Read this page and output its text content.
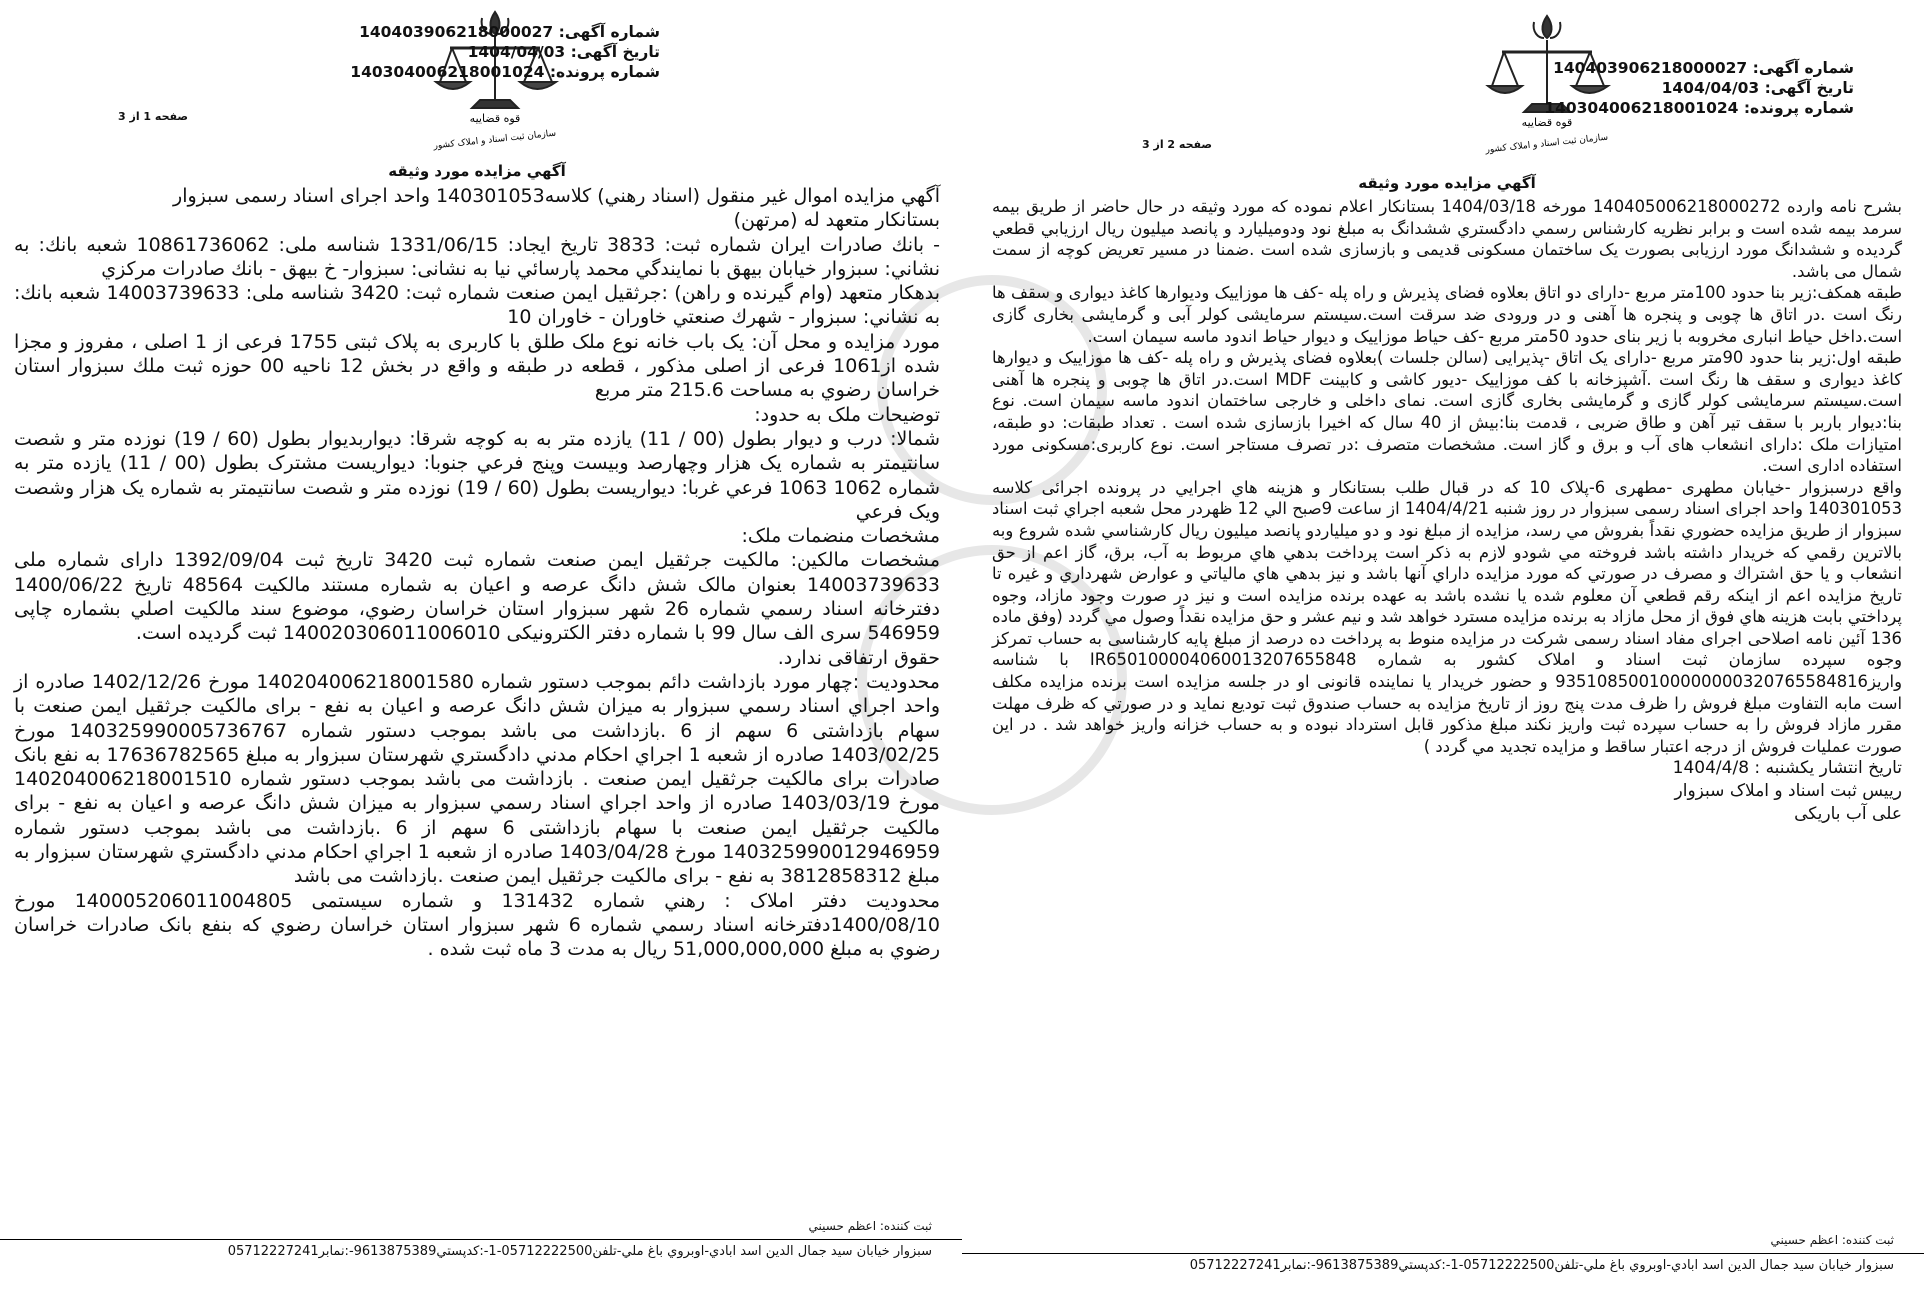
قوه قضاییه
سازمان ثبت اسناد و املاک کشور
شماره آگهی: 140403906218000027
تاریخ آگهی: 1404/04/03
شماره پرونده: 140304006218001024
صفحه 2 از 3
آگهي مزايده مورد وثيقه

بشرح نامه وارده 140405006218000272 مورخه 1404/03/18 بستانکار اعلام نموده که مورد وثيقه در حال حاضر از طريق بيمه سرمد بيمه شده است و برابر نظريه کارشناس رسمي دادگستري ششدانگ به مبلغ نود ودوميليارد و پانصد ميليون ريال ارزيابي قطعي گرديده و ششدانگ مورد ارزيابی بصورت يک ساختمان مسکونی قديمی و بازسازی شده است .ضمنا در مسير تعريض کوچه از سمت شمال می باشد.

طبقه همکف:زير بنا حدود 100متر مربع -دارای دو اتاق بعلاوه فضای پذيرش و راه پله -کف ها موزاييک وديوارها کاغذ ديواری و سقف ها رنگ است .در اتاق ها چوبی و پنجره ها آهنی و در ورودی ضد سرقت است.سيستم سرمايشی کولر آبی و گرمايشی بخاری گازی است.داخل حياط انباری مخروبه با زير بنای حدود 50متر مربع -کف حياط موزاييک و ديوار حياط اندود ماسه سيمان است.

طبقه اول:زير بنا حدود 90متر مربع -دارای يک اتاق -پذيرايی (سالن جلسات )بعلاوه فضای پذيرش و راه پله -کف ها موزاييک و ديوارها کاغذ ديواری و سقف ها رنگ است .آشپزخانه با کف موزاييک -ديور کاشی و کابينت MDF است.در اتاق ها چوبی و پنجره ها آهنی است.سيستم سرمايشی کولر گازی و گرمايشی بخاری گازی است. نمای داخلی و خارجی ساختمان اندود ماسه سيمان است. نوع بنا:ديوار باربر با سقف تير آهن و طاق ضربی ، قدمت بنا:بيش از 40 سال که اخيرا بازسازی شده است . تعداد طبقات: دو طبقه، امتيازات ملک :دارای انشعاب های آب و برق و گاز است. مشخصات متصرف :در تصرف مستاجر است. نوع کاربری:مسکونی مورد استفاده اداری است.

واقع درسبزوار -خيابان مطهری -مطهری 6-پلاک 10 که در قبال طلب بستانكار و هزينه هاي اجرايي در پرونده اجرائی کلاسه 140301053 واحد اجرای اسناد رسمی سبزوار در روز شنبه 1404/4/21 از ساعت 9صبح الي 12 ظهردر محل شعبه اجراي ثبت اسناد سبزوار از طريق مزايده حضوري نقداً بفروش مي رسد، مزايده از مبلغ نود و دو ميلياردو پانصد ميليون ريال کارشناسي شده شروع وبه بالاترين رقمي كه خريدار داشته باشد فروخته مي شودو لازم به ذكر است پرداخت بدهي هاي مربوط به آب، برق، گاز اعم از حق انشعاب و يا حق اشتراك و مصرف در صورتي كه مورد مزايده داراي آنها باشد و نيز بدهي هاي مالياتي و عوارض شهرداري و غيره تا تاريخ مزايده اعم از اينكه رقم قطعي آن معلوم شده يا نشده باشد به عهده برنده مزايده است و نيز در صورت وجود مازاد، وجوه پرداختي بابت هزينه هاي فوق از محل مازاد به برنده مزايده مسترد خواهد شد و نيم عشر و حق مزايده نقداً وصول مي گردد (وفق ماده 136 آئين نامه اصلاحی اجرای مفاد اسناد رسمی شرکت در مزايده منوط به پرداخت ده درصد از مبلغ پايه کارشناسی به حساب تمرکز وجوه سپرده سازمان ثبت اسناد و املاک کشور به شماره IR650100004060013207655848 با شناسه واريز935108500100000000320765584816 و حضور خريدار يا نماينده قانونی او در جلسه مزايده است برنده مزايده مکلف است مابه التفاوت مبلغ فروش را ظرف مدت پنج روز از تاريخ مزايده به حساب صندوق ثبت توديع نمايد و در صورتي كه ظرف مهلت مقرر مازاد فروش را به حساب سپرده ثبت واريز نكند مبلغ مذكور قابل استرداد نبوده و به حساب خزانه واريز خواهد شد . در اين صورت عمليات فروش از درجه اعتبار ساقط و مزايده تجديد مي گردد )

تاريخ انتشار يکشنبه : 1404/4/8

رييس ثبت اسناد و املاک سبزوار

علی آب باريکی

ثبت کننده: اعظم حسيني
سبزوار خيابان سيد جمال الدين اسد ابادي-اوبروي باغ ملي-تلفن05712222500-1-:كدپستي9613875389-:نمابر05712227241
قوه قضاییه
سازمان ثبت اسناد و املاک کشور
شماره آگهی: 140403906218000027
تاریخ آگهی: 1404/04/03
شماره پرونده: 140304006218001024
صفحه 1 از 3
آگهي مزايده مورد وثيقه

آگهي مزايده اموال غير منقول (اسناد رهني) کلاسه140301053 واحد اجرای اسناد رسمی سبزوار

بستانكار متعهد له (مرتهن)

- بانك صادرات ايران شماره ثبت: 3833 تاريخ ايجاد: 1331/06/15 شناسه ملی: 10861736062 شعبه بانك: به نشاني: سبزوار خيابان بيهق با نمايندگي محمد پارسائي نيا به نشانی: سبزوار- خ بيهق - بانك صادرات مرکزي

بدهكار متعهد (وام گيرنده و راهن) :جرثقيل ايمن صنعت شماره ثبت: 3420 شناسه ملی: 14003739633 شعبه بانك: به نشاني: سبزوار - شهرك صنعتي خاوران - خاوران 10

مورد مزايده و محل آن: يک باب خانه نوع ملک طلق با کاربری به پلاک ثبتی 1755 فرعی از 1 اصلی ، مفروز و مجزا شده از1061 فرعی از اصلی مذکور ، قطعه در طبقه و واقع در بخش 12 ناحيه 00 حوزه ثبت ملك سبزوار استان خراسان رضوي به مساحت 215.6 متر مربع

توضيحات ملک به حدود:

شمالا: درب و ديوار بطول (00 / 11) يازده متر به به کوچه شرقا: ديواربديوار بطول (60 / 19) نوزده متر و شصت سانتيمتر به شماره يک هزار وچهارصد وبيست وپنج فرعي جنوبا: ديواريست مشترک بطول (00 / 11) يازده متر به شماره 1062 1063 فرعي غربا: ديواريست بطول (60 / 19) نوزده متر و شصت سانتيمتر به شماره يک هزار وشصت ويک فرعي

مشخصات منضمات ملک:

مشخصات مالکين: مالکيت جرثقيل ايمن صنعت شماره ثبت 3420 تاريخ ثبت 1392/09/04 دارای شماره ملی 14003739633 بعنوان مالک شش دانگ عرصه و اعيان به شماره مستند مالکيت 48564 تاريخ 1400/06/22 دفترخانه اسناد رسمي شماره 26 شهر سبزوار استان خراسان رضوي، موضوع سند مالکيت اصلي بشماره چاپی 546959 سری الف سال 99 با شماره دفتر الکترونيکی 140020306011006010 ثبت گرديده است.

حقوق ارتفاقی ندارد.

محدوديت :چهار مورد بازداشت دائم بموجب دستور شماره 140204006218001580 مورخ 1402/12/26 صادره از واحد اجراي اسناد رسمي سبزوار به ميزان شش دانگ عرصه و اعيان به نفع - برای مالکيت جرثقيل ايمن صنعت با سهام بازداشتی 6 سهم از 6 .بازداشت می باشد بموجب دستور شماره 140325990005736767 مورخ 1403/02/25 صادره از شعبه 1 اجراي احکام مدني دادگستري شهرستان سبزوار به مبلغ 17636782565 به نفع بانک صادرات برای مالکيت جرثقيل ايمن صنعت . بازداشت می باشد بموجب دستور شماره 140204006218001510 مورخ 1403/03/19 صادره از واحد اجراي اسناد رسمي سبزوار به ميزان شش دانگ عرصه و اعيان به نفع - برای مالکيت جرثقيل ايمن صنعت با سهام بازداشتی 6 سهم از 6 .بازداشت می باشد بموجب دستور شماره 140325990012946959 مورخ 1403/04/28 صادره از شعبه 1 اجراي احکام مدني دادگستري شهرستان سبزوار به مبلغ 3812858312 به نفع - برای مالکيت جرثقيل ايمن صنعت .بازداشت می باشد

محدوديت دفتر املاک : رهني شماره 131432 و شماره سيستمی 140005206011004805 مورخ 1400/08/10دفترخانه اسناد رسمي شماره 6 شهر سبزوار استان خراسان رضوي که بنفع بانک صادرات خراسان رضوي به مبلغ 51,000,000,000 ريال به مدت 3 ماه ثبت شده .

ثبت کننده: اعظم حسيني
سبزوار خيابان سيد جمال الدين اسد ابادي-اوبروي باغ ملي-تلفن05712222500-1-:كدپستي9613875389-:نمابر05712227241
